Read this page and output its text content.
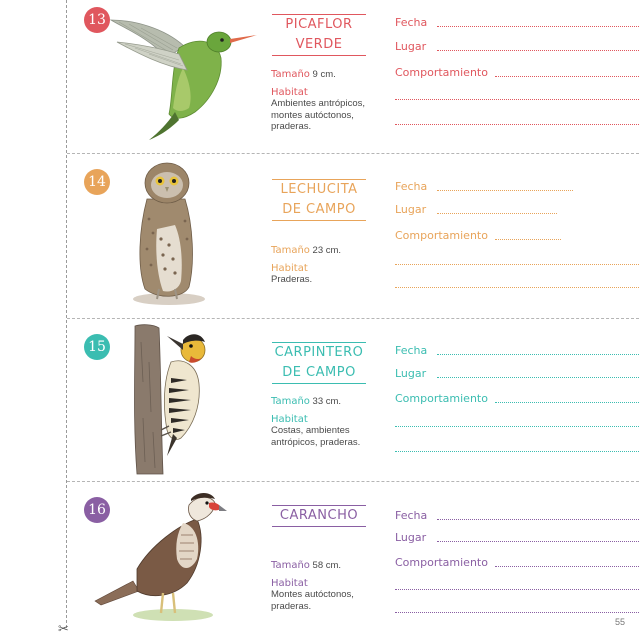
✂
13	PICAFLOR
VERDE
Tamaño 9 cm.
Habitat
Ambientes antrópicos, montes autóctonos, praderas.
Fecha
Lugar
Comportamiento
14	LECHUCITA
DE CAMPO
Tamaño 23 cm.
Habitat
Praderas.
Fecha
Lugar
Comportamiento
15	CARPINTERO
DE CAMPO
Tamaño 33 cm.
Habitat
Costas, ambientes antrópicos, praderas.
Fecha
Lugar
Comportamiento
16	CARANCHO
Tamaño 58 cm.
Habitat
Montes autóctonos, praderas.
Fecha
Lugar
Comportamiento
55
